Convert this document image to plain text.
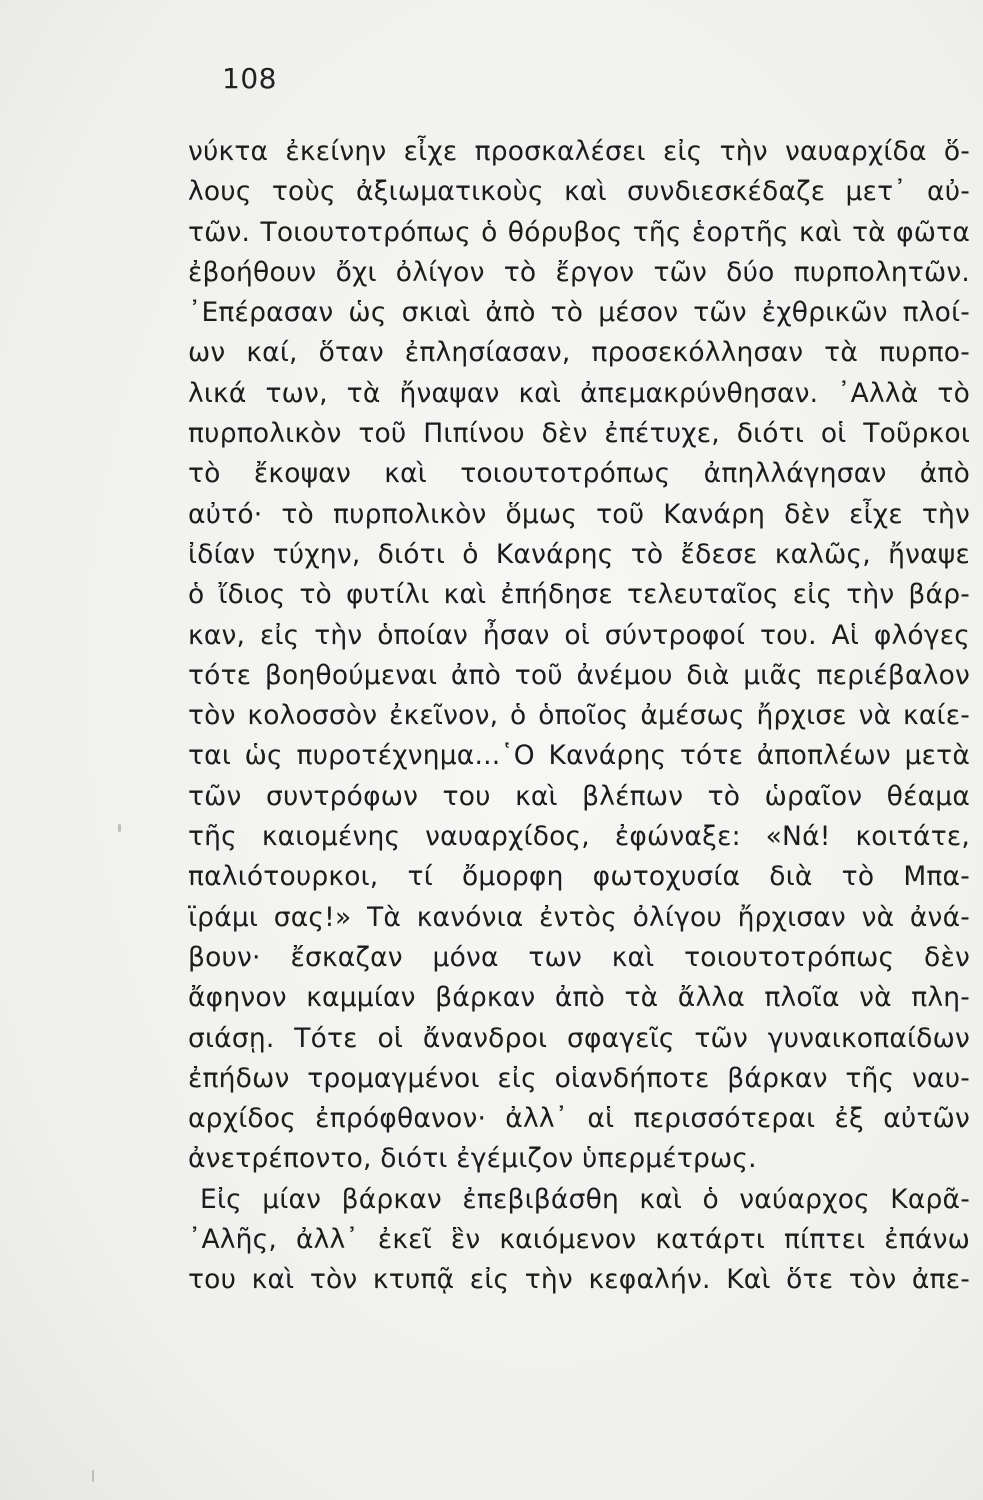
108
νύκτα ἐκείνην εἶχε προσκαλέσει εἰς τὴν ναυαρχίδα ὅ-
λους τοὺς ἀξιωματικοὺς καὶ συνδιεσκέδαζε μετ᾽ αὐ-
τῶν. Τοιουτοτρόπως ὁ θόρυβος τῆς ἑορτῆς καὶ τὰ φῶτα
ἐβοήθουν ὄχι ὀλίγον τὸ ἔργον τῶν δύο πυρπολητῶν.
᾽Επέρασαν ὡς σκιαὶ ἀπὸ τὸ μέσον τῶν ἐχθρικῶν πλοί-
ων καί, ὅταν ἐπλησίασαν, προσεκόλλησαν τὰ πυρπο-
λικά των, τὰ ἤναψαν καὶ ἀπεμακρύνθησαν. ᾽Αλλὰ τὸ
πυρπολικὸν τοῦ Πιπίνου δὲν ἐπέτυχε, διότι οἱ Τοῦρκοι
τὸ ἔκοψαν καὶ τοιουτοτρόπως ἀπηλλάγησαν ἀπὸ
αὐτό· τὸ πυρπολικὸν ὅμως τοῦ Κανάρη δὲν εἶχε τὴν
ἰδίαν τύχην, διότι ὁ Κανάρης τὸ ἔδεσε καλῶς, ἤναψε
ὁ ἴδιος τὸ φυτίλι καὶ ἐπήδησε τελευταῖος εἰς τὴν βάρ-
καν, εἰς τὴν ὁποίαν ἦσαν οἱ σύντροφοί του. Αἱ φλόγες
τότε βοηθούμεναι ἀπὸ τοῦ ἀνέμου διὰ μιᾶς περιέβαλον
τὸν κολοσσὸν ἐκεῖνον, ὁ ὁποῖος ἀμέσως ἤρχισε νὰ καίε-
ται ὡς πυροτέχνημα...῾Ο Κανάρης τότε ἀποπλέων μετὰ
τῶν συντρόφων του καὶ βλέπων τὸ ὡραῖον θέαμα
τῆς καιομένης ναυαρχίδος, ἐφώναξε: «Νά! κοιτάτε,
παλιότουρκοι, τί ὄμορφη φωτοχυσία διὰ τὸ Μπα-
ϊράμι σας!» Τὰ κανόνια ἐντὸς ὀλίγου ἤρχισαν νὰ ἀνά-
βουν· ἔσκαζαν μόνα των καὶ τοιουτοτρόπως δὲν
ἄφηνον καμμίαν βάρκαν ἀπὸ τὰ ἄλλα πλοῖα νὰ πλη-
σιάσῃ. Τότε οἱ ἄνανδροι σφαγεῖς τῶν γυναικοπαίδων
ἐπήδων τρομαγμένοι εἰς οἱανδήποτε βάρκαν τῆς ναυ-
αρχίδος ἐπρόφθανον· ἀλλ᾽ αἱ περισσότεραι ἐξ αὐτῶν
ἀνετρέποντο, διότι ἐγέμιζον ὑπερμέτρως.
Εἰς μίαν βάρκαν ἐπεβιβάσθη καὶ ὁ ναύαρχος Καρᾶ-
᾽Αλῆς, ἀλλ᾽ ἐκεῖ ἓν καιόμενον κατάρτι πίπτει ἐπάνω
του καὶ τὸν κτυπᾷ εἰς τὴν κεφαλήν. Καὶ ὅτε τὸν ἀπε-
